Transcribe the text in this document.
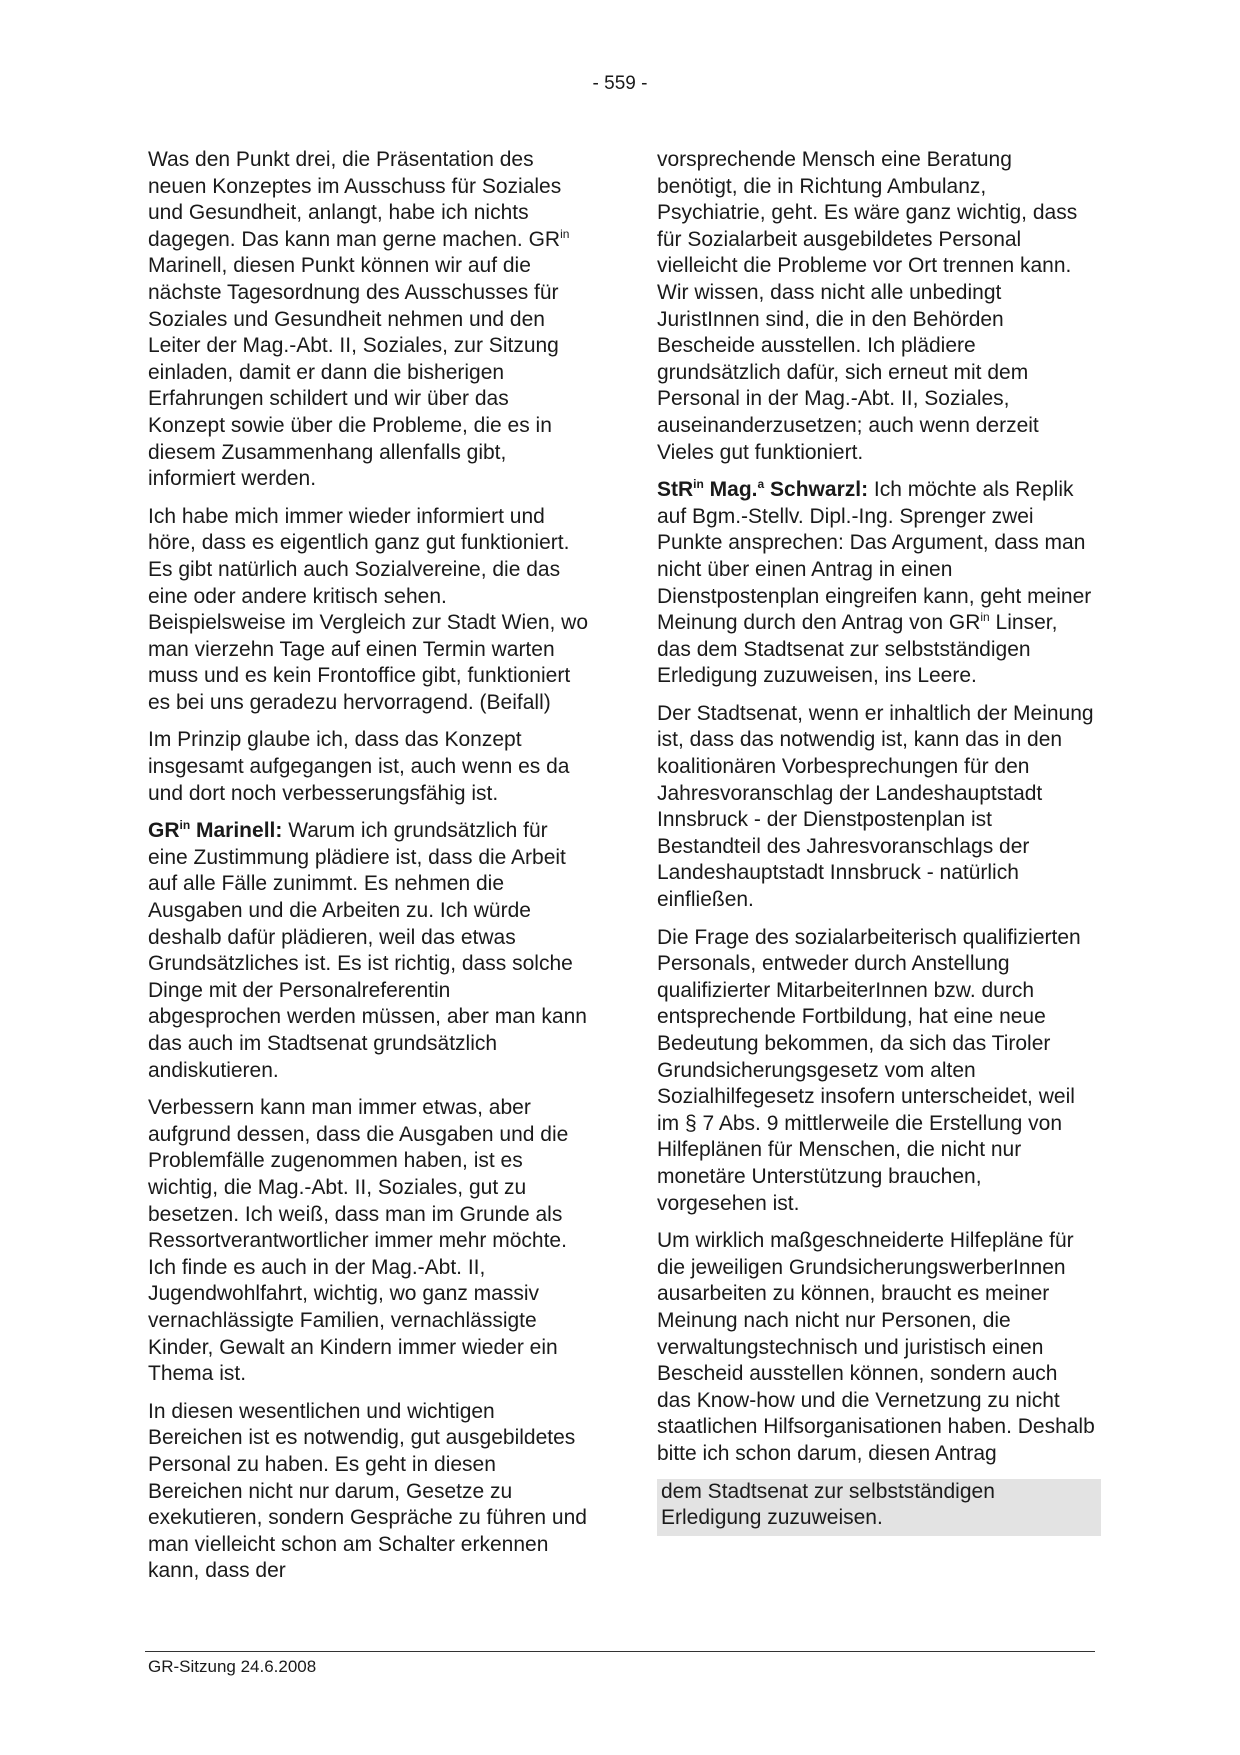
- 559 -

Was den Punkt drei, die Präsentation des neuen Konzeptes im Ausschuss für Soziales und Gesundheit, anlangt, habe ich nichts dagegen. Das kann man gerne machen. $GR^{in}$ Marinell, diesen Punkt können wir auf die nächste Tagesordnung des Ausschusses für Soziales und Gesundheit nehmen und den Leiter der Mag.-Abt. II, Soziales, zur Sitzung einladen, damit er dann die bisherigen Erfahrungen schildert und wir über das Konzept sowie über die Probleme, die es in diesem Zusammenhang allenfalls gibt, informiert werden.

Ich habe mich immer wieder informiert und höre, dass es eigentlich ganz gut funktioniert. Es gibt natürlich auch Sozialvereine, die das eine oder andere kritisch sehen. Beispielsweise im Vergleich zur Stadt Wien, wo man vierzehn Tage auf einen Termin warten muss und es kein Frontoffice gibt, funktioniert es bei uns geradezu hervorragend. (Beifall)

Im Prinzip glaube ich, dass das Konzept insgesamt aufgegangen ist, auch wenn es da und dort noch verbesserungsfähig ist.

$GR^{in}$ Marinell: Warum ich grundsätzlich für eine Zustimmung plädiere ist, dass die Arbeit auf alle Fälle zunimmt. Es nehmen die Ausgaben und die Arbeiten zu. Ich würde deshalb dafür plädieren, weil das etwas Grundsätzliches ist. Es ist richtig, dass solche Dinge mit der Personalreferentin abgesprochen werden müssen, aber man kann das auch im Stadtsenat grundsätzlich andiskutieren.

Verbessern kann man immer etwas, aber aufgrund dessen, dass die Ausgaben und die Problemfälle zugenommen haben, ist es wichtig, die Mag.-Abt. II, Soziales, gut zu besetzen. Ich weiß, dass man im Grunde als Ressortverantwortlicher immer mehr möchte. Ich finde es auch in der Mag.-Abt. II, Jugendwohlfahrt, wichtig, wo ganz massiv vernachlässigte Familien, vernachlässigte Kinder, Gewalt an Kindern immer wieder ein Thema ist.

In diesen wesentlichen und wichtigen Bereichen ist es notwendig, gut ausgebildetes Personal zu haben. Es geht in diesen Bereichen nicht nur darum, Gesetze zu exekutieren, sondern Gespräche zu führen und man vielleicht schon am Schalter erkennen kann, dass der

vorsprechende Mensch eine Beratung benötigt, die in Richtung Ambulanz, Psychiatrie, geht. Es wäre ganz wichtig, dass für Sozialarbeit ausgebildetes Personal vielleicht die Probleme vor Ort trennen kann. Wir wissen, dass nicht alle unbedingt JuristInnen sind, die in den Behörden Bescheide ausstellen. Ich plädiere grundsätzlich dafür, sich erneut mit dem Personal in der Mag.-Abt. II, Soziales, auseinanderzusetzen; auch wenn derzeit Vieles gut funktioniert.

StR$^{in}$ Mag.$^a$ Schwarzl: Ich möchte als Replik auf Bgm.-Stellv. Dipl.-Ing. Sprenger zwei Punkte ansprechen: Das Argument, dass man nicht über einen Antrag in einen Dienstpostenplan eingreifen kann, geht meiner Meinung durch den Antrag von $GR^{in}$ Linser, das dem Stadtsenat zur selbstständigen Erledigung zuzuweisen, ins Leere.

Der Stadtsenat, wenn er inhaltlich der Meinung ist, dass das notwendig ist, kann das in den koalitionären Vorbesprechungen für den Jahresvoranschlag der Landeshauptstadt Innsbruck - der Dienstpostenplan ist Bestandteil des Jahresvoranschlags der Landeshauptstadt Innsbruck - natürlich einfließen.

Die Frage des sozialarbeiterisch qualifizierten Personals, entweder durch Anstellung qualifizierter MitarbeiterInnen bzw. durch entsprechende Fortbildung, hat eine neue Bedeutung bekommen, da sich das Tiroler Grundsicherungsgesetz vom alten Sozialhilfegesetz insofern unterscheidet, weil im § 7 Abs. 9 mittlerweile die Erstellung von Hilfeplänen für Menschen, die nicht nur monetäre Unterstützung brauchen, vorgesehen ist.

Um wirklich maßgeschneiderte Hilfepläne für die jeweiligen GrundsicherungswerberInnen ausarbeiten zu können, braucht es meiner Meinung nach nicht nur Personen, die verwaltungstechnisch und juristisch einen Bescheid ausstellen können, sondern auch das Know-how und die Vernetzung zu nicht staatlichen Hilfsorganisationen haben. Deshalb bitte ich schon darum, diesen Antrag

dem Stadtsenat zur selbstständigen Erledigung zuzuweisen.

GR-Sitzung 24.6.2008
